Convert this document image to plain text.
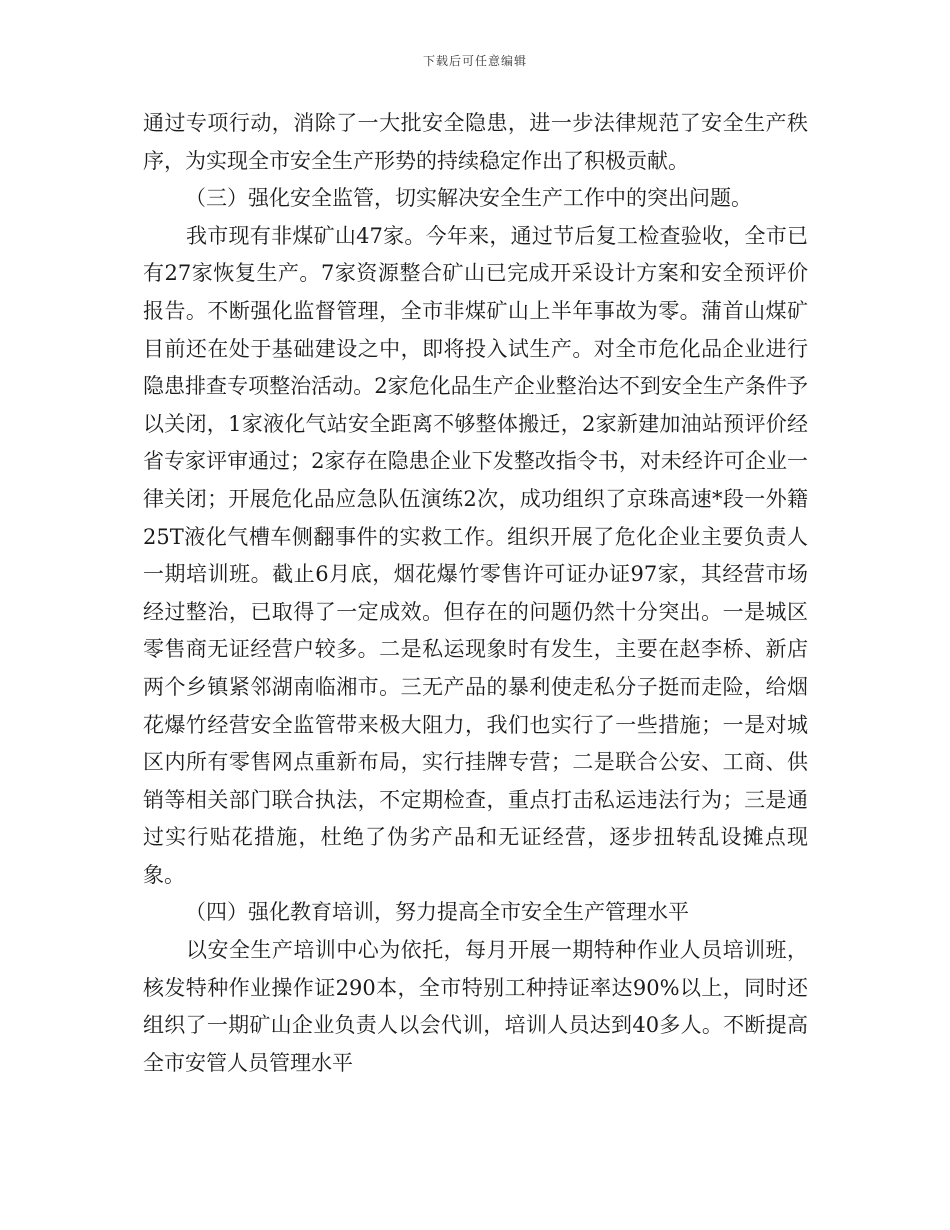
下载后可任意编辑

通过专项行动，消除了一大批安全隐患，进一步法律规范了安全生产秩序，为实现全市安全生产形势的持续稳定作出了积极贡献。

（三）强化安全监管，切实解决安全生产工作中的突出问题。

我市现有非煤矿山47家。今年来，通过节后复工检查验收，全市已有27家恢复生产。7家资源整合矿山已完成开采设计方案和安全预评价报告。不断强化监督管理，全市非煤矿山上半年事故为零。蒲首山煤矿目前还在处于基础建设之中，即将投入试生产。对全市危化品企业进行隐患排查专项整治活动。2家危化品生产企业整治达不到安全生产条件予以关闭，1家液化气站安全距离不够整体搬迁，2家新建加油站预评价经省专家评审通过；2家存在隐患企业下发整改指令书，对未经许可企业一律关闭；开展危化品应急队伍演练2次，成功组织了京珠高速*段一外籍25T液化气槽车侧翻事件的实救工作。组织开展了危化企业主要负责人一期培训班。截止6月底，烟花爆竹零售许可证办证97家，其经营市场经过整治，已取得了一定成效。但存在的问题仍然十分突出。一是城区零售商无证经营户较多。二是私运现象时有发生，主要在赵李桥、新店两个乡镇紧邻湖南临湘市。三无产品的暴利使走私分子挺而走险，给烟花爆竹经营安全监管带来极大阻力，我们也实行了一些措施；一是对城区内所有零售网点重新布局，实行挂牌专营；二是联合公安、工商、供销等相关部门联合执法，不定期检查，重点打击私运违法行为；三是通过实行贴花措施，杜绝了伪劣产品和无证经营，逐步扭转乱设摊点现象。

（四）强化教育培训，努力提高全市安全生产管理水平

以安全生产培训中心为依托，每月开展一期特种作业人员培训班，核发特种作业操作证290本，全市特别工种持证率达90%以上，同时还组织了一期矿山企业负责人以会代训，培训人员达到40多人。不断提高全市安管人员管理水平
